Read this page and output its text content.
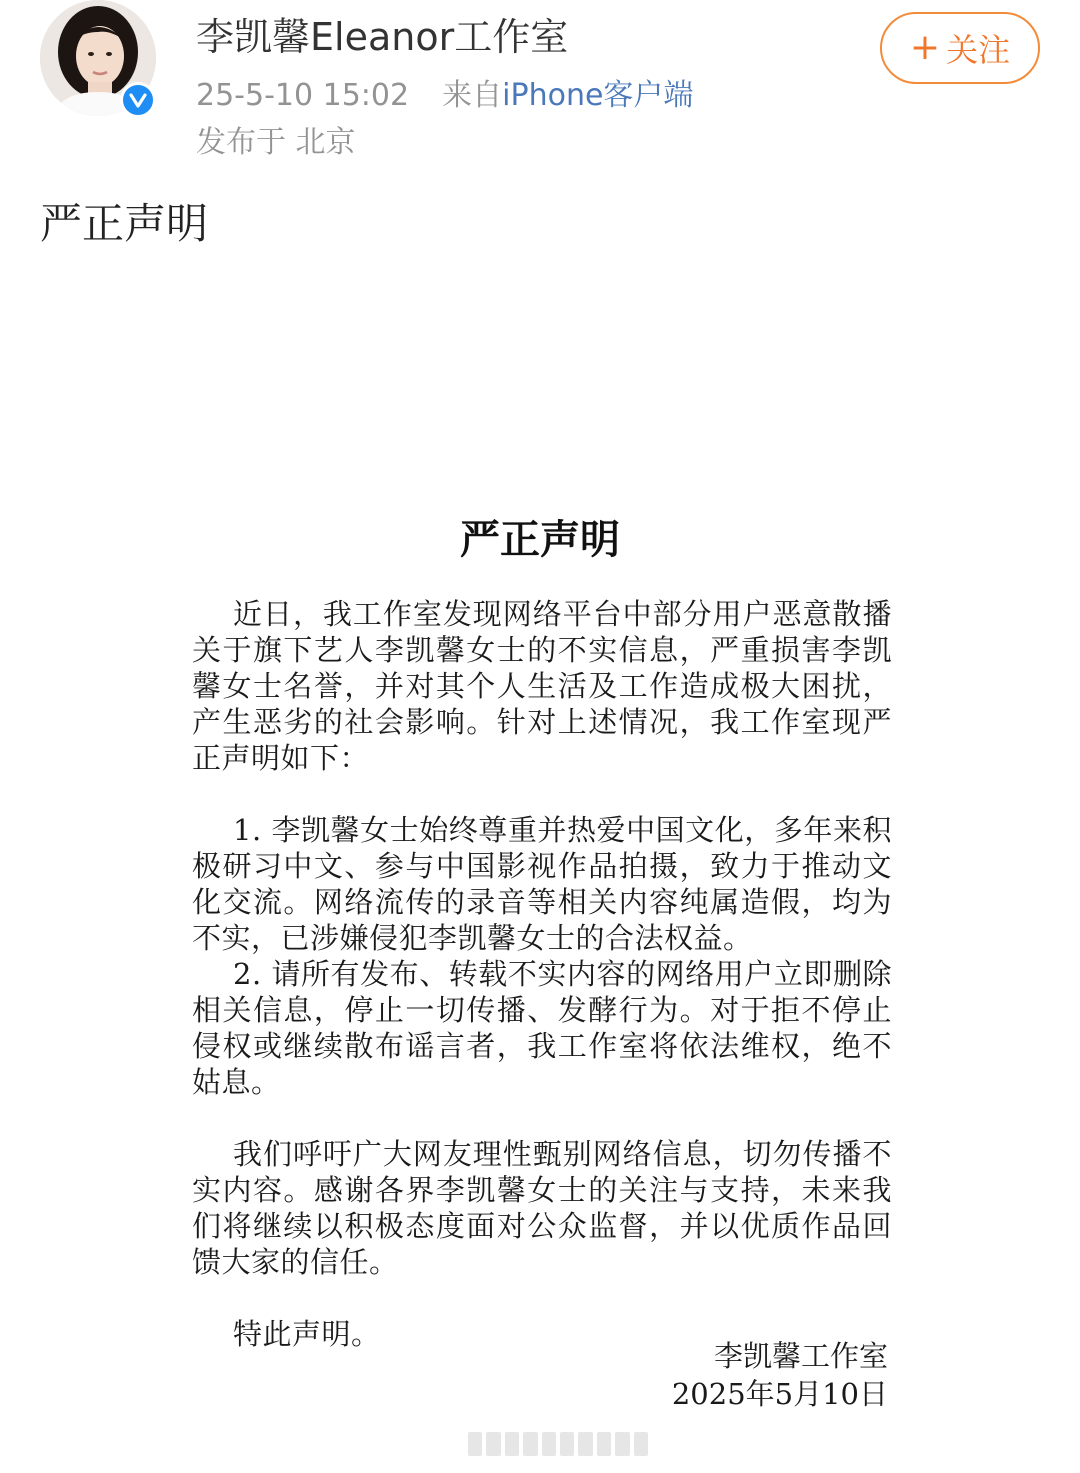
李凯馨Eleanor工作室
25-5-10 15:02 来自iPhone客户端
发布于 北京
+ 关注
严正声明
严正声明

近日，我工作室发现网络平台中部分用户恶意散播关于旗下艺人李凯馨女士的不实信息，严重损害李凯馨女士名誉，并对其个人生活及工作造成极大困扰，产生恶劣的社会影响。针对上述情况，我工作室现严正声明如下：

1. 李凯馨女士始终尊重并热爱中国文化，多年来积极研习中文、参与中国影视作品拍摄，致力于推动文化交流。网络流传的录音等相关内容纯属造假，均为不实，已涉嫌侵犯李凯馨女士的合法权益。

2. 请所有发布、转载不实内容的网络用户立即删除相关信息，停止一切传播、发酵行为。对于拒不停止侵权或继续散布谣言者，我工作室将依法维权，绝不姑息。

我们呼吁广大网友理性甄别网络信息，切勿传播不实内容。感谢各界李凯馨女士的关注与支持，未来我们将继续以积极态度面对公众监督，并以优质作品回馈大家的信任。

特此声明。

李凯馨工作室
2025年5月10日
